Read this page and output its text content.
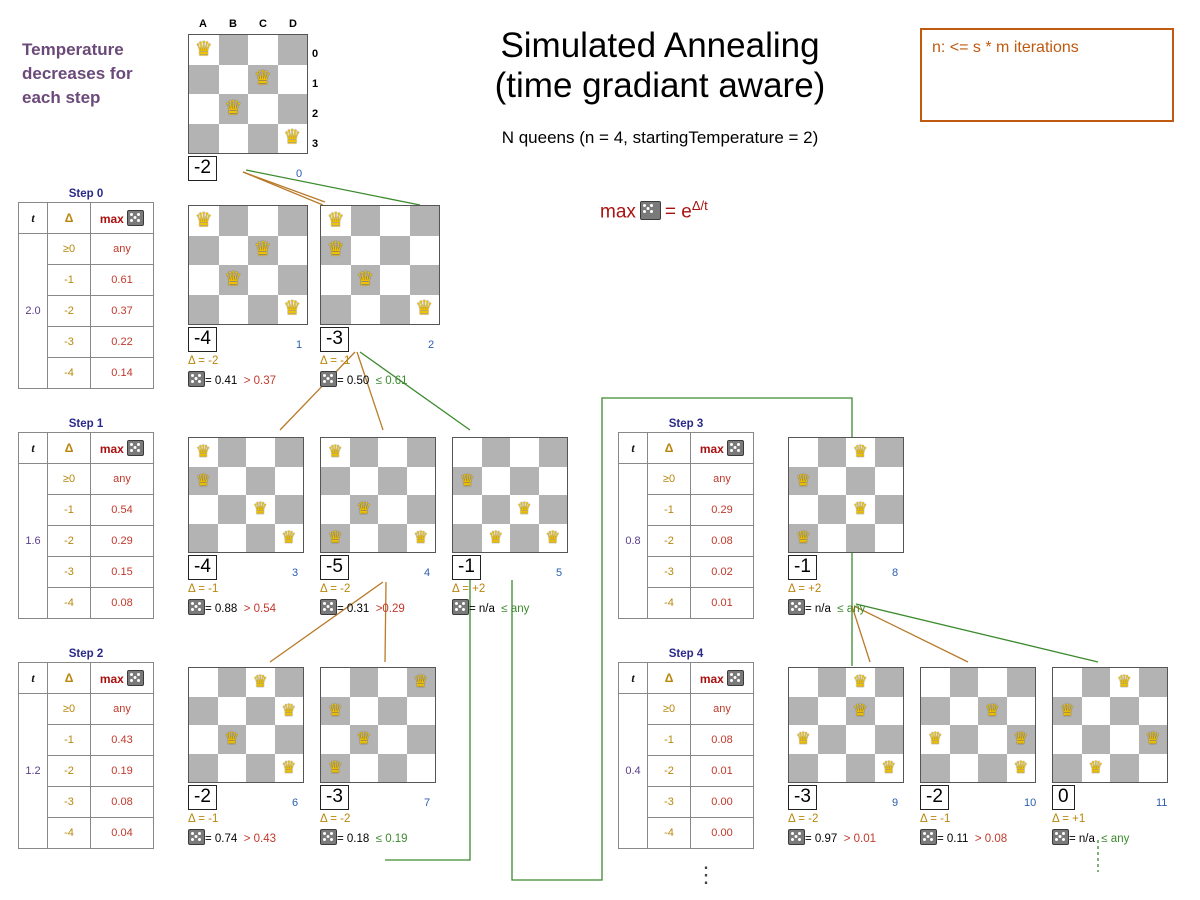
Simulated Annealing
(time gradiant aware)
N queens (n = 4, startingTemperature = 2)
Temperature decreases for each step
n: <= s * m iterations
$\max = e^{\Delta/t}$
⋮
Step 0
t	Δ	max
2.0	≥0	any
	-1	0.61
	-2	0.37
	-3	0.22
	-4	0.14
Step 1
t	Δ	max
1.6	≥0	any
	-1	0.54
	-2	0.29
	-3	0.15
	-4	0.08
Step 2
t	Δ	max
1.2	≥0	any
	-1	0.43
	-2	0.19
	-3	0.08
	-4	0.04
Step 3
t	Δ	max
0.8	≥0	any
	-1	0.29
	-2	0.08
	-3	0.02
	-4	0.01
Step 4
t	Δ	max
0.4	≥0	any
	-1	0.08
	-2	0.01
	-3	0.00
	-4	0.00
♛
♛
♛
♛
♛
♛
♛
♛
♛
♛
♛
♛
♛
♛
♛
♛
♛
♛
♛	♛
♛
♛
♛ ♛
♛
♛
♛
♛
♛
♛
♛
♛
♛
♛
♛
♛
♛
♛
♛
♛
♛
♛	♛
♛
♛
♛
♛
♛
A	B	C	D
0
1
2
3
-2	0
-4	1
Δ = -2
= 0.41 > 0.37
-3	2
Δ = -1
= 0.50 ≤ 0.61
-4	3
Δ = -1
= 0.88 > 0.54
-5	4
Δ = -2
= 0.31 >0.29
-1	5
Δ = +2
= n/a ≤ any
-2	6
Δ = -1
= 0.74 > 0.43
-3	7
Δ = -2
= 0.18 ≤ 0.19
-1	8
Δ = +2
= n/a ≤ any
-3	9
Δ = -2
= 0.97 > 0.01
-2	10
Δ = -1
= 0.11 > 0.08
0	11
Δ = +1
= n/a ≤ any
